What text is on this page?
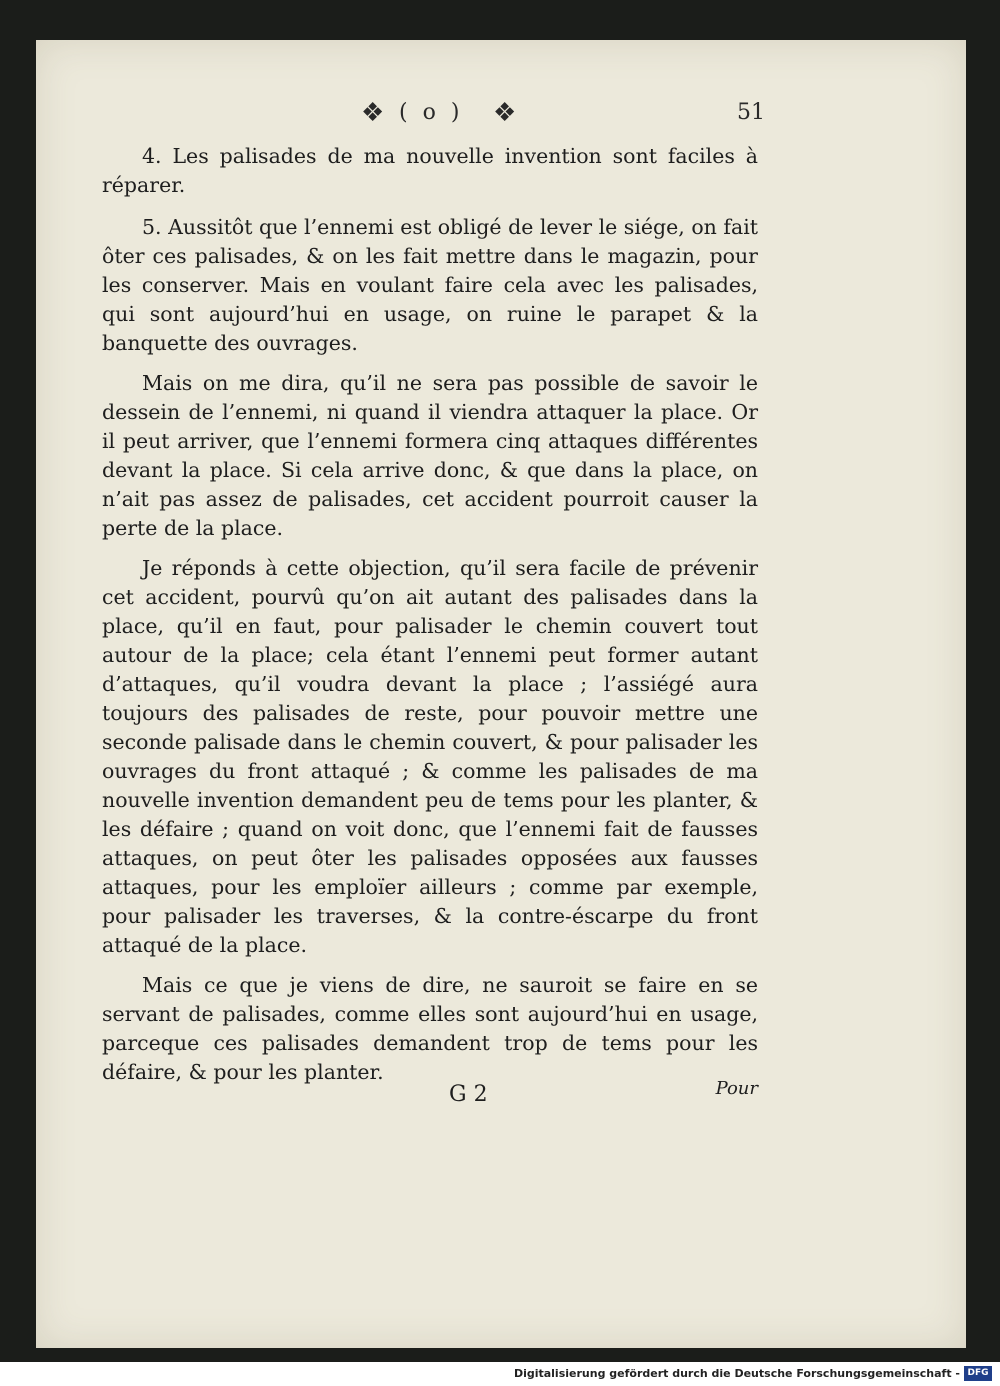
❖ ( o ) ❖	51

4. Les palisades de ma nouvelle invention sont faciles à réparer.

5. Aussitôt que l’ennemi est obligé de lever le siége, on fait ôter ces palisades, & on les fait mettre dans le magazin, pour les conserver. Mais en voulant faire cela avec les palisades, qui sont aujourd’hui en usage, on ruine le parapet & la banquette des ouvrages.

Mais on me dira, qu’il ne sera pas possible de savoir le dessein de l’ennemi, ni quand il viendra attaquer la place. Or il peut arriver, que l’ennemi formera cinq attaques différentes devant la place. Si cela arrive donc, & que dans la place, on n’ait pas assez de palisades, cet accident pourroit causer la perte de la place.

Je réponds à cette objection, qu’il sera facile de prévenir cet accident, pourvû qu’on ait autant des palisades dans la place, qu’il en faut, pour palisader le chemin couvert tout autour de la place; cela étant l’ennemi peut former autant d’attaques, qu’il voudra devant la place ; l’assiégé aura toujours des palisades de reste, pour pouvoir mettre une seconde palisade dans le chemin couvert, & pour palisader les ouvrages du front attaqué ; & comme les palisades de ma nouvelle invention demandent peu de tems pour les planter, & les défaire ; quand on voit donc, que l’ennemi fait de fausses attaques, on peut ôter les palisades opposées aux fausses attaques, pour les emploïer ailleurs ; comme par exemple, pour palisader les traverses, & la contre-éscarpe du front attaqué de la place.

Mais ce que je viens de dire, ne sauroit se faire en se servant de palisades, comme elles sont aujourd’hui en usage, parceque ces palisades demandent trop de tems pour les défaire, & pour les planter.

G 2	Pour
Digitalisierung gefördert durch die Deutsche Forschungsgemeinschaft - DFG
